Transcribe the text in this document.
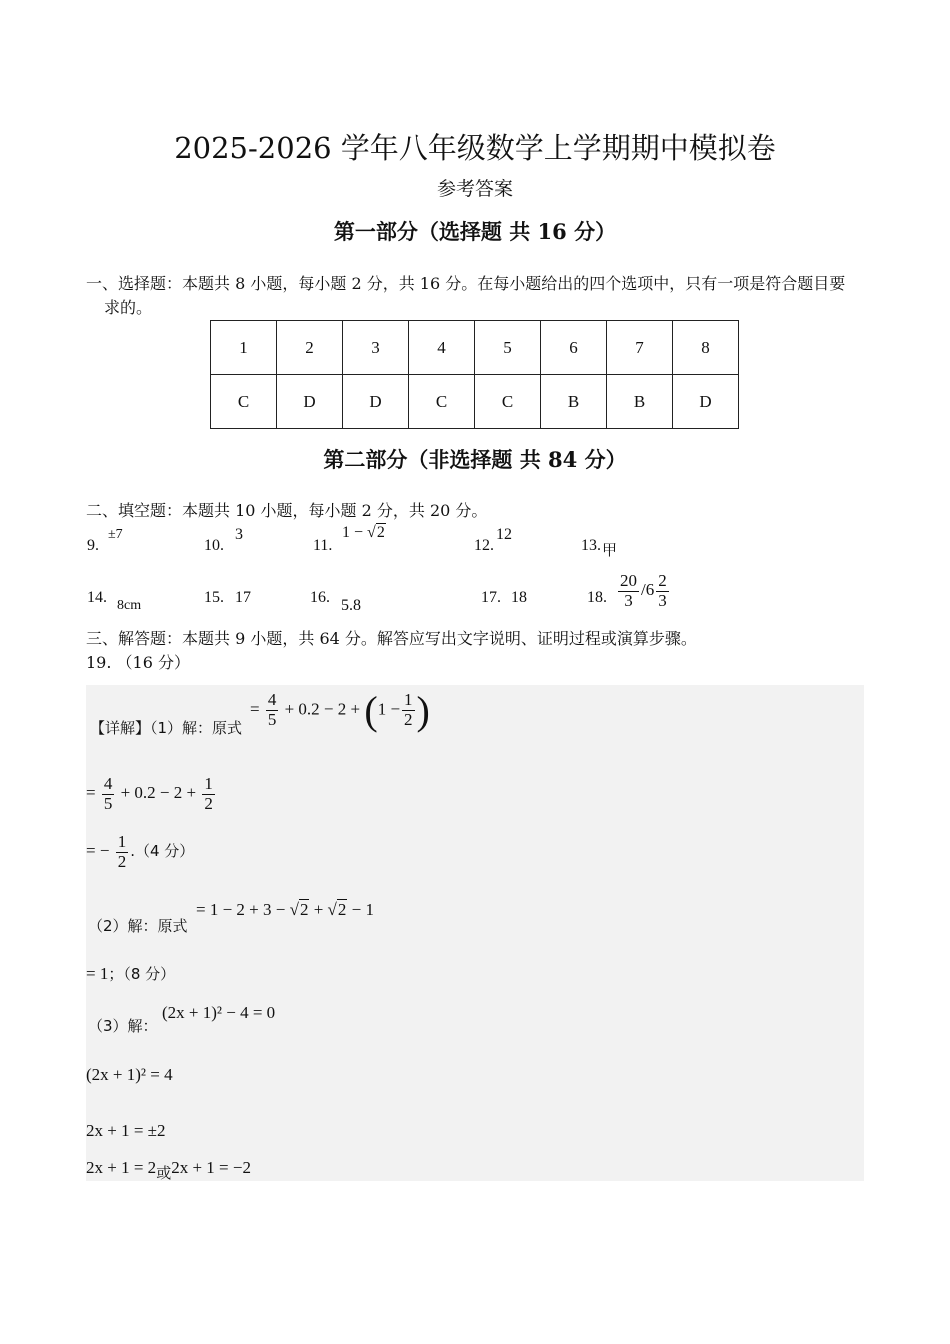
2025-2026 学年八年级数学上学期期中模拟卷
参考答案
第一部分（选择题 共 16 分）
一、选择题：本题共 8 小题，每小题 2 分，共 16 分。在每小题给出的四个选项中，只有一项是符合题目要
求的。
1	2	3	4	5	6	7	8
C	D	D	C	C	B	B	D
第二部分（非选择题 共 84 分）
二、填空题：本题共 10 小题，每小题 2 分，共 20 分。
9.
±7
10.
3
11.
1 − √2
12.
12
13. 甲
14. 8cm	15. 17	16. 5.8	17. 18	18. $\frac{20}{3} /6 \frac{2}{3}$
三、解答题：本题共 9 小题，共 64 分。解答应写出文字说明、证明过程或演算步骤。
19. （16 分）
【详解】（1）解：原式
= $\frac{4}{5} + 0.2 - 2 + (1 - \frac{1}{2}$ )
= $\frac{4}{5} + 0.2 - 2 + \frac{1}{2}$
= − $\frac{1}{2} .(4$ 分）
（2）解：原式
= 1 − 2 + 3 − √2 + √2 − 1
= 1；（8 分）
（3）解：
(2x + 1)² − 4 = 0
(2x + 1)² = 4
2x + 1 = ±2
2x + 1 = 2或2x + 1 = −2
